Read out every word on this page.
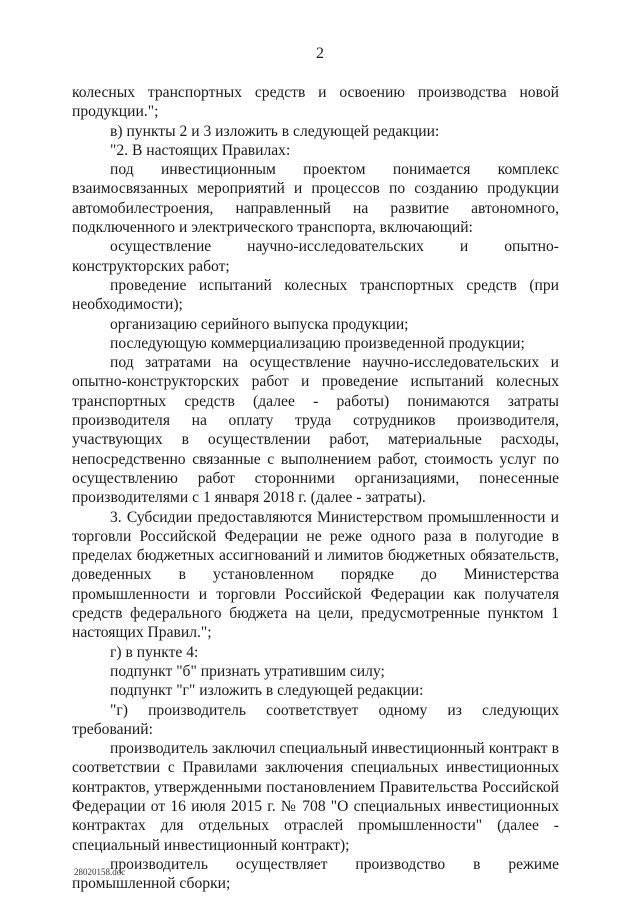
2

колесных транспортных средств и освоению производства новой продукции.";

в) пункты 2 и 3 изложить в следующей редакции:

"2. В настоящих Правилах:

под инвестиционным проектом понимается комплекс взаимосвязанных мероприятий и процессов по созданию продукции автомобилестроения, направленный на развитие автономного, подключенного и электрического транспорта, включающий:

осуществление научно-исследовательских и опытно-конструкторских работ;

проведение испытаний колесных транспортных средств (при необходимости);

организацию серийного выпуска продукции;

последующую коммерциализацию произведенной продукции;

под затратами на осуществление научно-исследовательских и опытно-конструкторских работ и проведение испытаний колесных транспортных средств (далее - работы) понимаются затраты производителя на оплату труда сотрудников производителя, участвующих в осуществлении работ, материальные расходы, непосредственно связанные с выполнением работ, стоимость услуг по осуществлению работ сторонними организациями, понесенные производителями с 1 января 2018 г. (далее - затраты).

3. Субсидии предоставляются Министерством промышленности и торговли Российской Федерации не реже одного раза в полугодие в пределах бюджетных ассигнований и лимитов бюджетных обязательств, доведенных в установленном порядке до Министерства промышленности и торговли Российской Федерации как получателя средств федерального бюджета на цели, предусмотренные пунктом 1 настоящих Правил.";

г) в пункте 4:

подпункт "б" признать утратившим силу;

подпункт "г" изложить в следующей редакции:

"г) производитель соответствует одному из следующих требований:

производитель заключил специальный инвестиционный контракт в соответствии с Правилами заключения специальных инвестиционных контрактов, утвержденными постановлением Правительства Российской Федерации от 16 июля 2015 г. № 708 "О специальных инвестиционных контрактах для отдельных отраслей промышленности" (далее - специальный инвестиционный контракт);

производитель осуществляет производство в режиме промышленной сборки;

28020158.doc
